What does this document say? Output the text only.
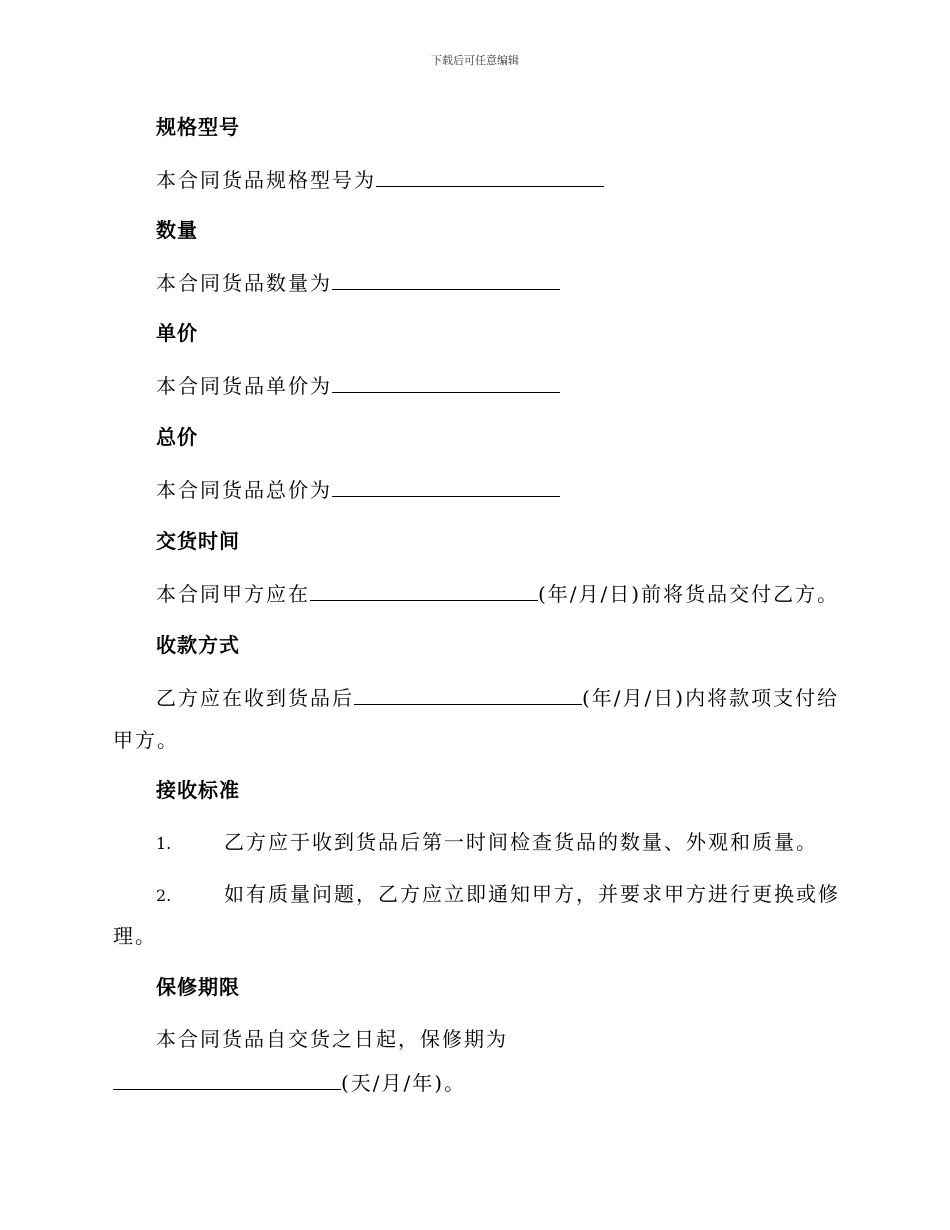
下载后可任意编辑
规格型号
本合同货品规格型号为
数量
本合同货品数量为
单价
本合同货品单价为
总价
本合同货品总价为
交货时间
本合同甲方应在	(年/月/日)前将货品交付乙方。
收款方式
乙方应在收到货品后	(年/月/日)内将款项支付给
甲方。
接收标准
1.	乙方应于收到货品后第一时间检查货品的数量、外观和质量。
2.	如有质量问题，乙方应立即通知甲方，并要求甲方进行更换或修
理。
保修期限
本合同货品自交货之日起，保修期为
(天/月/年)。
